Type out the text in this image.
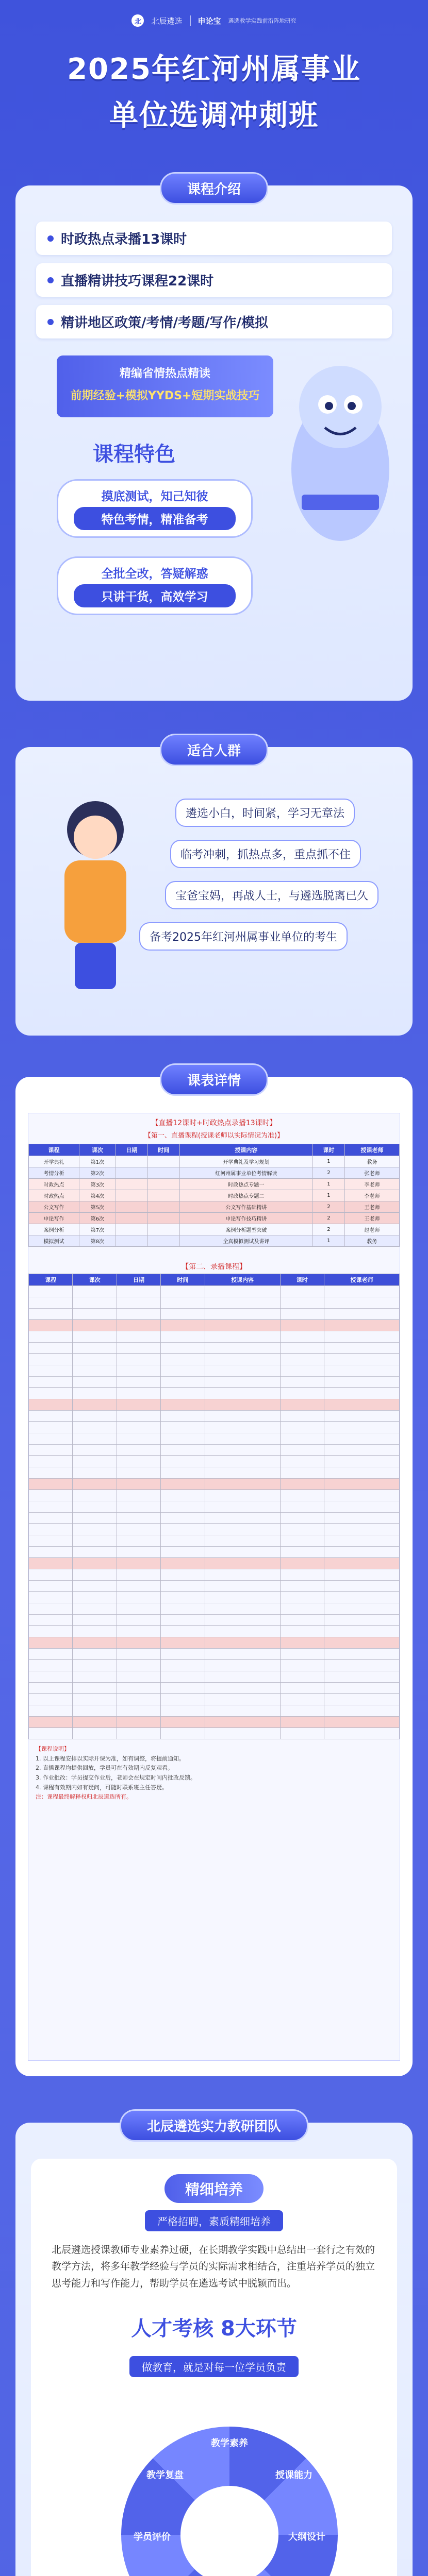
北	北辰遴选 申论宝 遴选教学实践前沿阵地研究
2025年红河州属事业
单位选调冲刺班
课程介绍
时政热点录播13课时
直播精讲技巧课程22课时
精讲地区政策/考情/考题/写作/模拟
精编省情热点精读
前期经验+模拟YYDS+短期实战技巧
课程特色
摸底测试，知己知彼
特色考情，精准备考
全批全改，答疑解惑
只讲干货，高效学习
适合人群
遴选小白，时间紧，学习无章法
临考冲刺，抓热点多，重点抓不住
宝爸宝妈，再战人士，与遴选脱离已久
备考2025年红河州属事业单位的考生
课表详情
【直播12课时+时政热点录播13课时】
【第一、直播课程(授课老师以实际情况为准)】
课程	课次	日期	时间	授课内容	课时	授课老师
开学典礼	第1次			开学典礼及学习规划	1	教务
考情分析	第2次			红河州属事业单位考情解读	2	张老师
时政热点	第3次			时政热点专题一	1	李老师
时政热点	第4次			时政热点专题二	1	李老师
公文写作	第5次			公文写作基础精讲	2	王老师
申论写作	第6次			申论写作技巧精讲	2	王老师
案例分析	第7次			案例分析题型突破	2	赵老师
模拟测试	第8次			全真模拟测试及讲评	1	教务
【第二、录播课程】
课程	课次	日期	时间	授课内容	课时	授课老师

【课程说明】
1. 以上课程安排以实际开课为准，如有调整，将提前通知。
2. 直播课程均提供回放，学员可在有效期内反复观看。
3. 作业批改：学员提交作业后，老师会在规定时间内批改反馈。
4. 课程有效期内如有疑问，可随时联系班主任答疑。
注：课程最终解释权归北辰遴选所有。
北辰遴选实力教研团队
精细培养
严格招聘，素质精细培养
北辰遴选授课教师专业素养过硬，在长期教学实践中总结出一套行之有效的教学方法，将多年教学经验与学员的实际需求相结合，注重培养学员的独立思考能力和写作能力，帮助学员在遴选考试中脱颖而出。
人才考核 8大环节
做教育，就是对每一位学员负责
教学素养
授课能力
大纲设计
学员评价
教学复盘
